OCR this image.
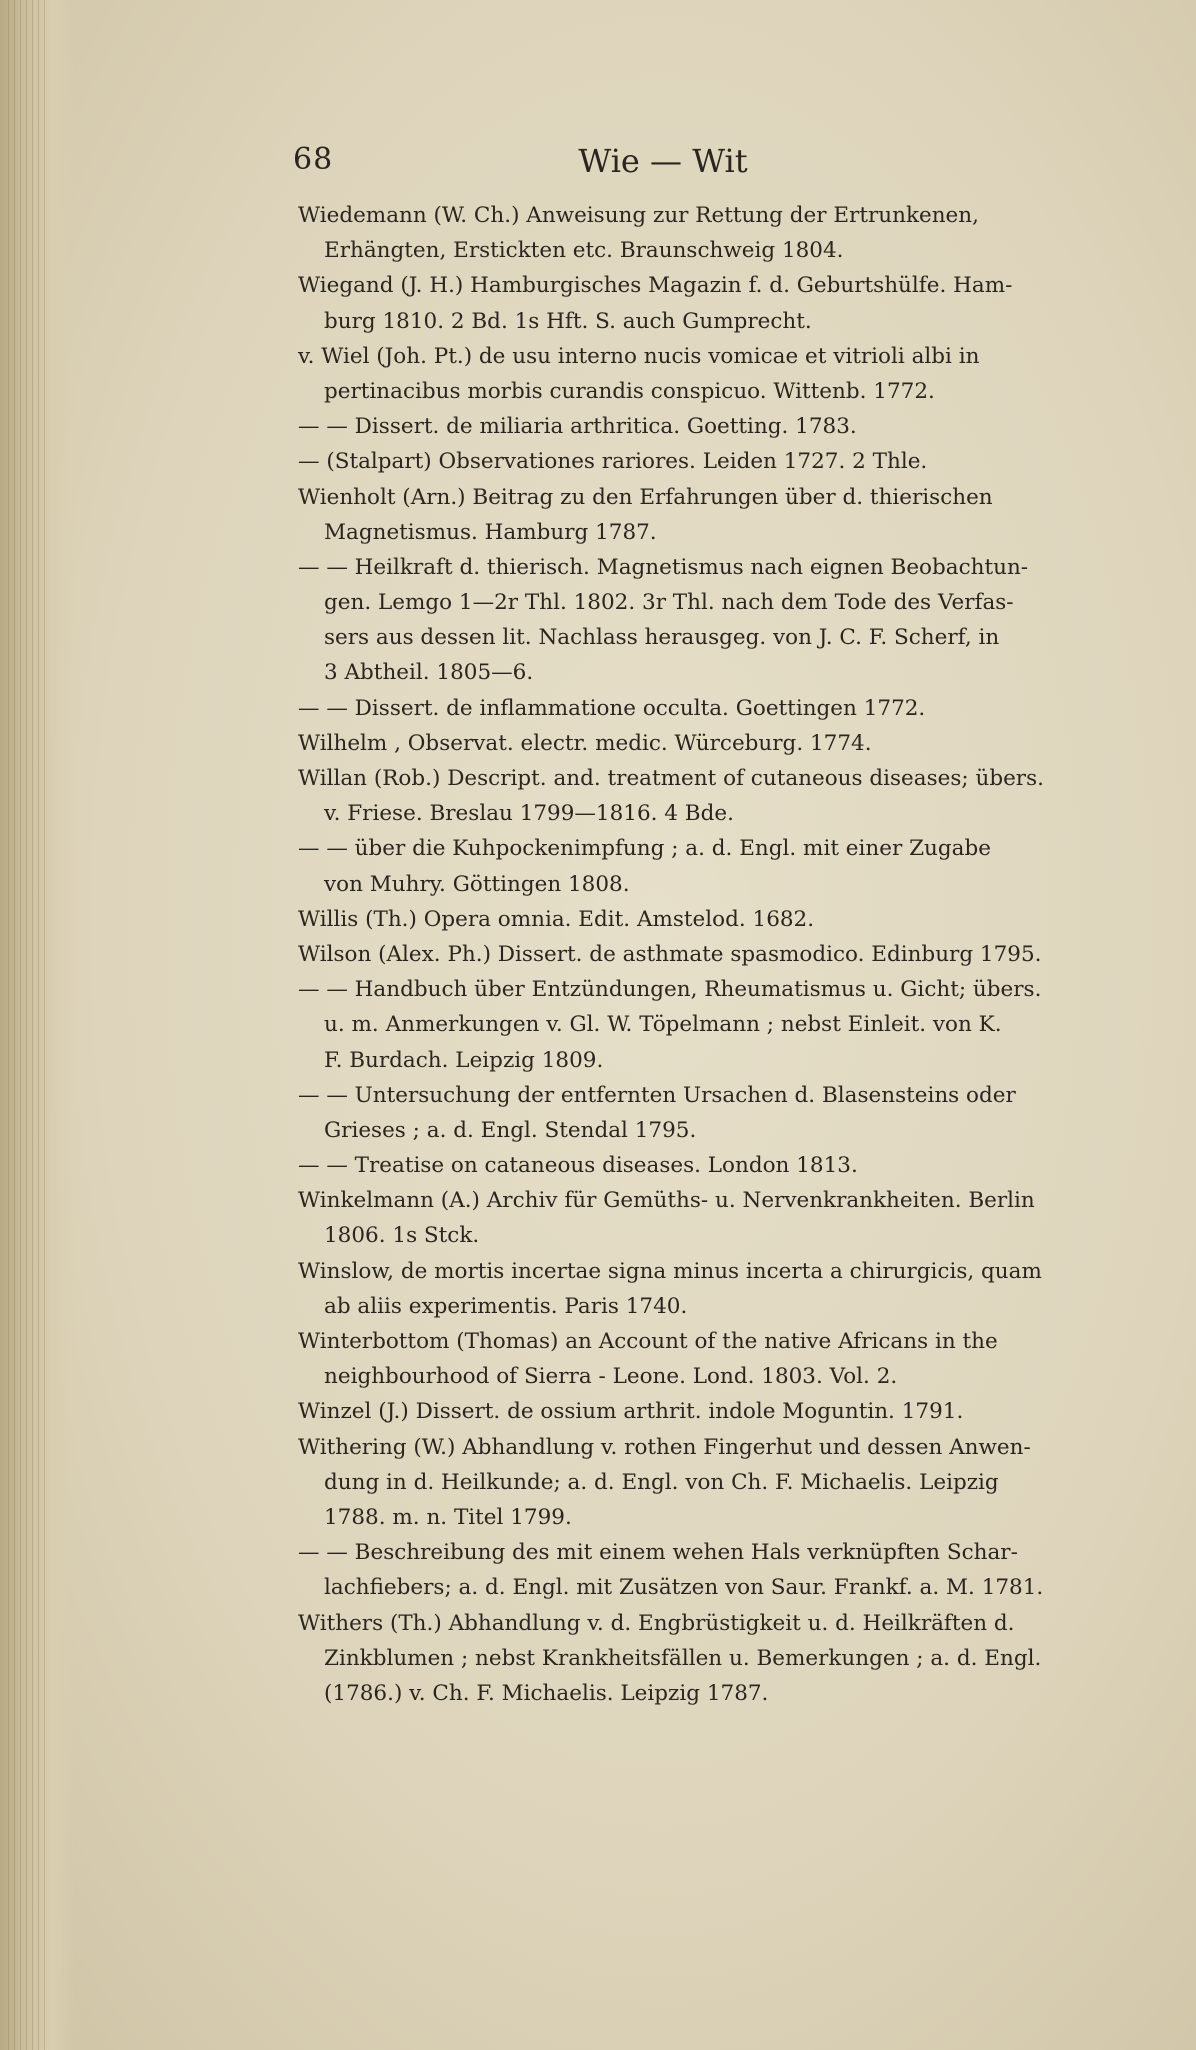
68	Wie — Wit
Wiedemann (W. Ch.) Anweisung zur Rettung der Ertrunkenen,
Erhängten, Erstickten etc. Braunschweig 1804.
Wiegand (J. H.) Hamburgisches Magazin f. d. Geburtshülfe. Ham-
burg 1810. 2 Bd. 1s Hft. S. auch Gumprecht.
v. Wiel (Joh. Pt.) de usu interno nucis vomicae et vitrioli albi in
pertinacibus morbis curandis conspicuo. Wittenb. 1772.
— — Dissert. de miliaria arthritica. Goetting. 1783.
— (Stalpart) Observationes rariores. Leiden 1727. 2 Thle.
Wienholt (Arn.) Beitrag zu den Erfahrungen über d. thierischen
Magnetismus. Hamburg 1787.
— — Heilkraft d. thierisch. Magnetismus nach eignen Beobachtun-
gen. Lemgo 1—2r Thl. 1802. 3r Thl. nach dem Tode des Verfas-
sers aus dessen lit. Nachlass herausgeg. von J. C. F. Scherf, in
3 Abtheil. 1805—6.
— — Dissert. de inflammatione occulta. Goettingen 1772.
Wilhelm , Observat. electr. medic. Würceburg. 1774.
Willan (Rob.) Descript. and. treatment of cutaneous diseases; übers.
v. Friese. Breslau 1799—1816. 4 Bde.
— — über die Kuhpockenimpfung ; a. d. Engl. mit einer Zugabe
von Muhry. Göttingen 1808.
Willis (Th.) Opera omnia. Edit. Amstelod. 1682.
Wilson (Alex. Ph.) Dissert. de asthmate spasmodico. Edinburg 1795.
— — Handbuch über Entzündungen, Rheumatismus u. Gicht; übers.
u. m. Anmerkungen v. Gl. W. Töpelmann ; nebst Einleit. von K.
F. Burdach. Leipzig 1809.
— — Untersuchung der entfernten Ursachen d. Blasensteins oder
Grieses ; a. d. Engl. Stendal 1795.
— — Treatise on cataneous diseases. London 1813.
Winkelmann (A.) Archiv für Gemüths- u. Nervenkrankheiten. Berlin
1806. 1s Stck.
Winslow, de mortis incertae signa minus incerta a chirurgicis, quam
ab aliis experimentis. Paris 1740.
Winterbottom (Thomas) an Account of the native Africans in the
neighbourhood of Sierra - Leone. Lond. 1803. Vol. 2.
Winzel (J.) Dissert. de ossium arthrit. indole Moguntin. 1791.
Withering (W.) Abhandlung v. rothen Fingerhut und dessen Anwen-
dung in d. Heilkunde; a. d. Engl. von Ch. F. Michaelis. Leipzig
1788. m. n. Titel 1799.
— — Beschreibung des mit einem wehen Hals verknüpften Schar-
lachfiebers; a. d. Engl. mit Zusätzen von Saur. Frankf. a. M. 1781.
Withers (Th.) Abhandlung v. d. Engbrüstigkeit u. d. Heilkräften d.
Zinkblumen ; nebst Krankheitsfällen u. Bemerkungen ; a. d. Engl.
(1786.) v. Ch. F. Michaelis. Leipzig 1787.
